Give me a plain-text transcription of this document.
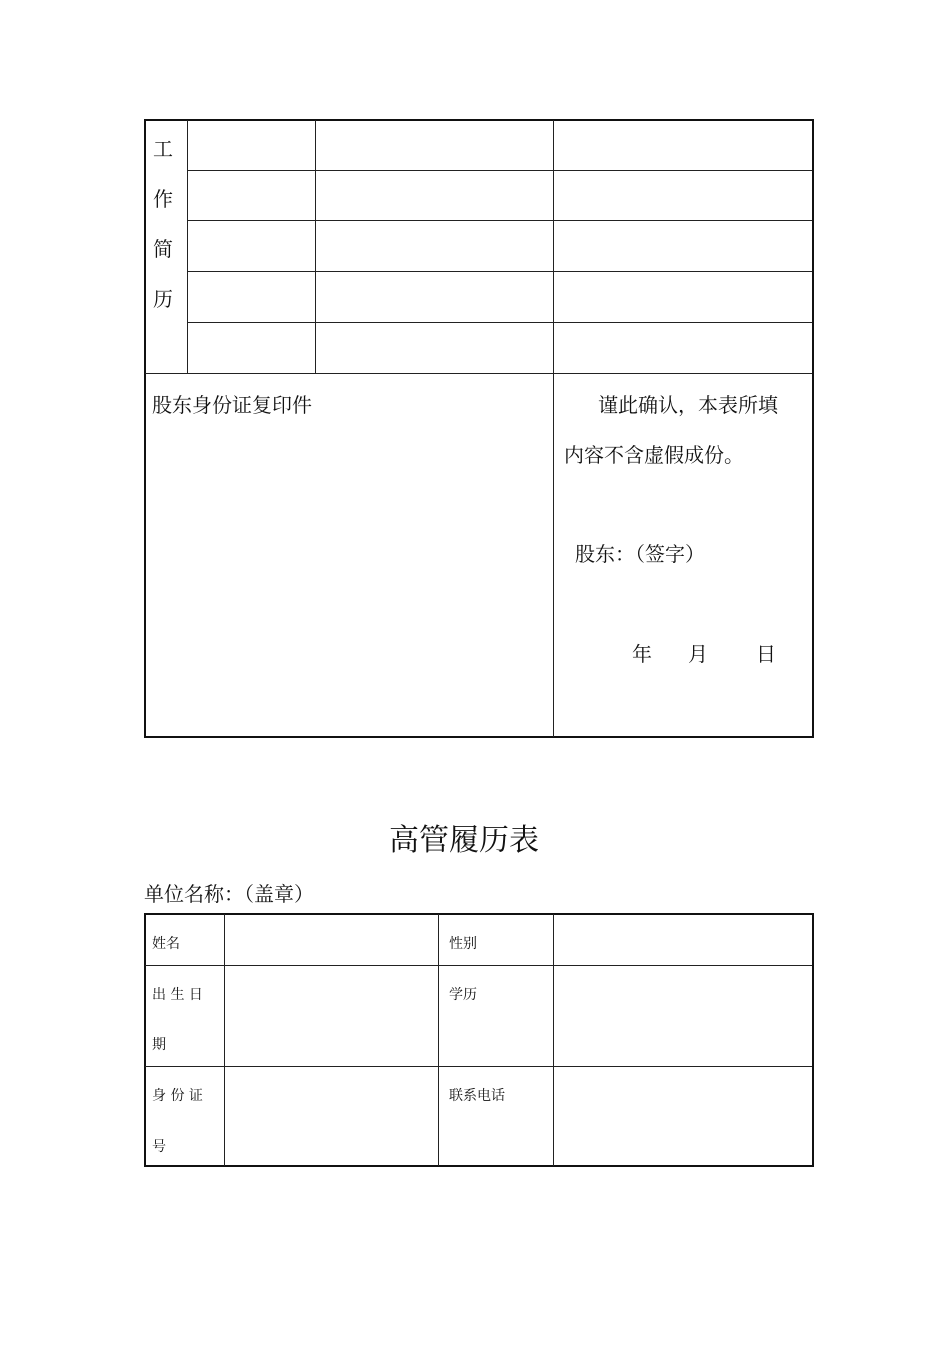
工
作
简
历
股东身份证复印件	谨此确认，本表所填
内容不含虚假成份。
股东：（签字）
年 月 日
高管履历表
单位名称：（盖章）
姓名	性别
出 生 日
期
学历
身 份 证
号
联系电话
